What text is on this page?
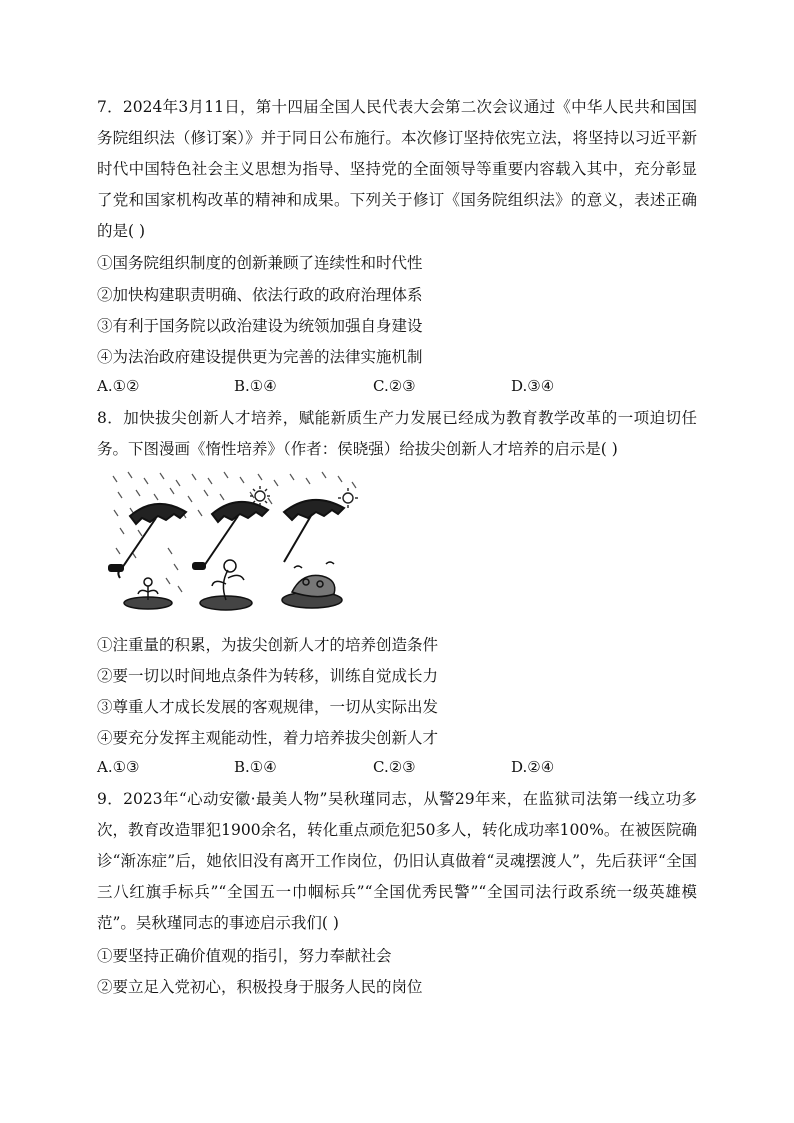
7．2024年3月11日，第十四届全国人民代表大会第二次会议通过《中华人民共和国国务院组织法（修订案）》并于同日公布施行。本次修订坚持依宪立法，将坚持以习近平新时代中国特色社会主义思想为指导、坚持党的全面领导等重要内容载入其中，充分彰显了党和国家机构改革的精神和成果。下列关于修订《国务院组织法》的意义，表述正确的是( )

①国务院组织制度的创新兼顾了连续性和时代性
②加快构建职责明确、依法行政的政府治理体系
③有利于国务院以政治建设为统领加强自身建设
④为法治政府建设提供更为完善的法律实施机制
A.①②	B.①④	C.②③	D.③④

8．加快拔尖创新人才培养，赋能新质生产力发展已经成为教育教学改革的一项迫切任务。下图漫画《惰性培养》（作者：侯晓强）给拔尖创新人才培养的启示是( )

①注重量的积累，为拔尖创新人才的培养创造条件
②要一切以时间地点条件为转移，训练自觉成长力
③尊重人才成长发展的客观规律，一切从实际出发
④要充分发挥主观能动性，着力培养拔尖创新人才
A.①③	B.①④	C.②③	D.②④

9．2023年“心动安徽·最美人物”吴秋瑾同志，从警29年来，在监狱司法第一线立功多次，教育改造罪犯1900余名，转化重点顽危犯50多人，转化成功率100%。在被医院确诊“渐冻症”后，她依旧没有离开工作岗位，仍旧认真做着“灵魂摆渡人”，先后获评“全国三八红旗手标兵”“全国五一巾帼标兵”“全国优秀民警”“全国司法行政系统一级英雄模范”。吴秋瑾同志的事迹启示我们( )

①要坚持正确价值观的指引，努力奉献社会
②要立足入党初心，积极投身于服务人民的岗位
